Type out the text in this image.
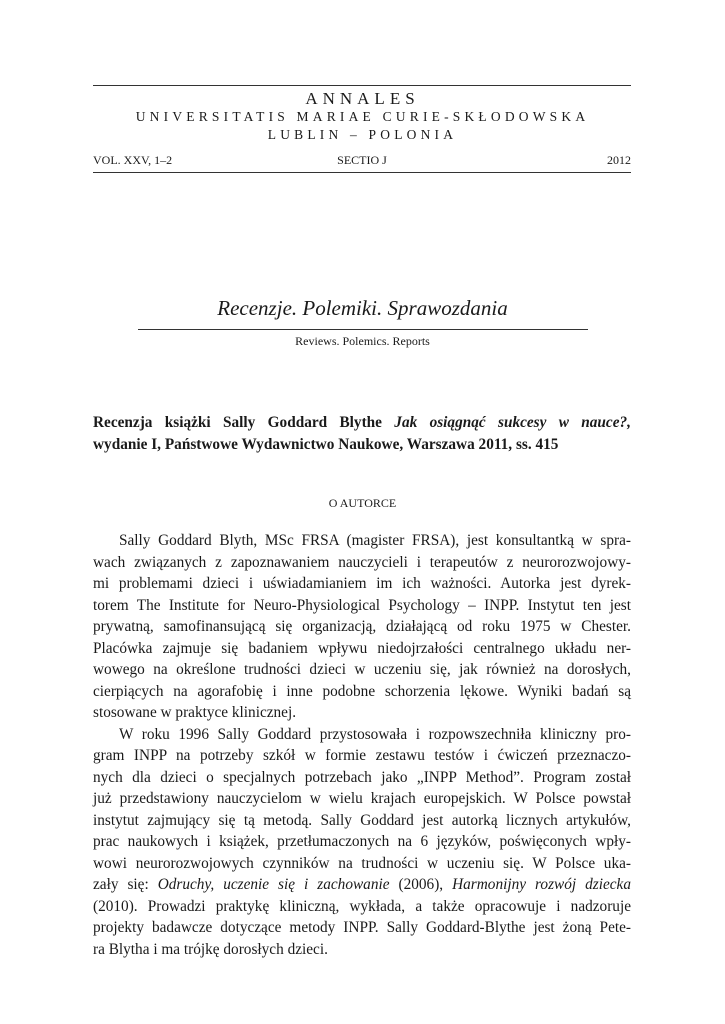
ANNALES
UNIVERSITATIS MARIAE CURIE-SKŁODOWSKA
LUBLIN – POLONIA
VOL. XXV, 1–2	SECTIO J	2012
Recenzje. Polemiki. Sprawozdania
Reviews. Polemics. Reports
Recenzja książki Sally Goddard Blythe Jak osiągnąć sukcesy w nauce?,
wydanie I, Państwowe Wydawnictwo Naukowe, Warszawa 2011, ss. 415
O AUTORCE
Sally Goddard Blyth, MSc FRSA (magister FRSA), jest konsultantką w spra-
wach związanych z zapoznawaniem nauczycieli i terapeutów z neurorozwojowy-
mi problemami dzieci i uświadamianiem im ich ważności. Autorka jest dyrek-
torem The Institute for Neuro-Physiological Psychology – INPP. Instytut ten jest
prywatną, samofinansującą się organizacją, działającą od roku 1975 w Chester.
Placówka zajmuje się badaniem wpływu niedojrzałości centralnego układu ner-
wowego na określone trudności dzieci w uczeniu się, jak również na dorosłych,
cierpiących na agorafobię i inne podobne schorzenia lękowe. Wyniki badań są
stosowane w praktyce klinicznej.
W roku 1996 Sally Goddard przystosowała i rozpowszechniła kliniczny pro-
gram INPP na potrzeby szkół w formie zestawu testów i ćwiczeń przeznaczo-
nych dla dzieci o specjalnych potrzebach jako „INPP Method”. Program został
już przedstawiony nauczycielom w wielu krajach europejskich. W Polsce powstał
instytut zajmujący się tą metodą. Sally Goddard jest autorką licznych artykułów,
prac naukowych i książek, przetłumaczonych na 6 języków, poświęconych wpły-
wowi neurorozwojowych czynników na trudności w uczeniu się. W Polsce uka-
zały się: Odruchy, uczenie się i zachowanie (2006), Harmonijny rozwój dziecka
(2010). Prowadzi praktykę kliniczną, wykłada, a także opracowuje i nadzoruje
projekty badawcze dotyczące metody INPP. Sally Goddard-Blythe jest żoną Pete-
ra Blytha i ma trójkę dorosłych dzieci.
